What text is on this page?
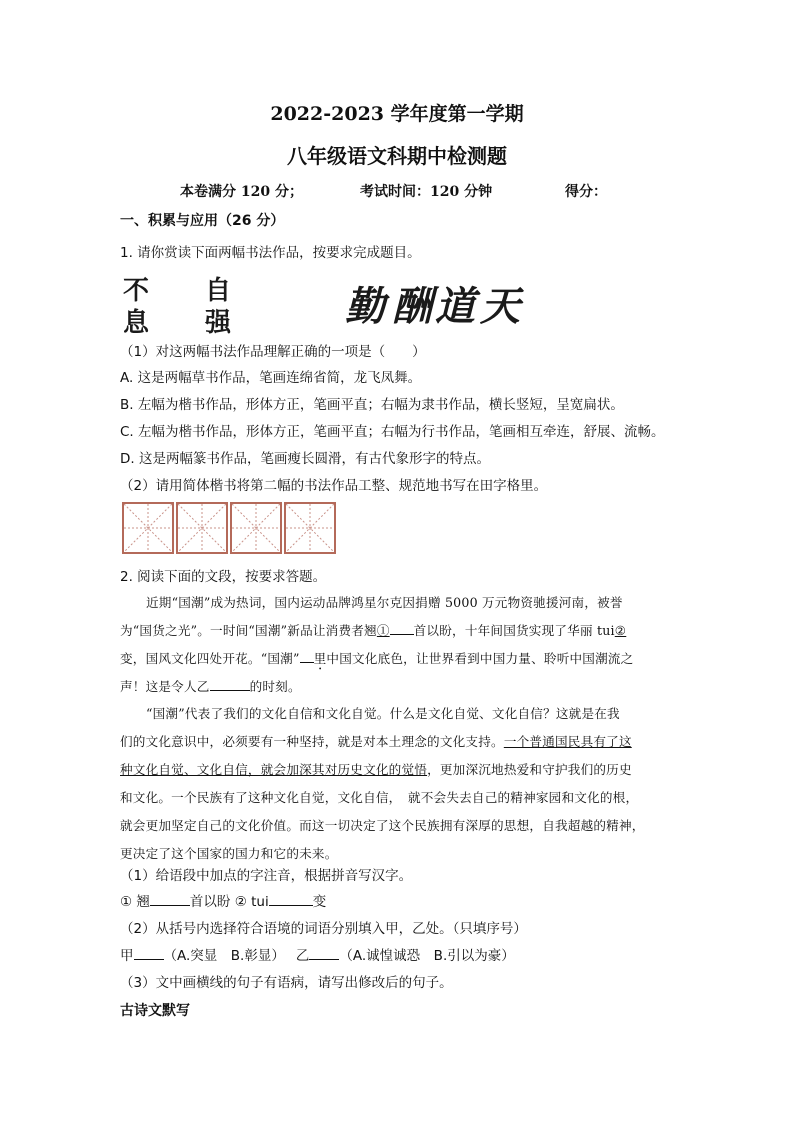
2022-2023 学年度第一学期
八年级语文科期中检测题
本卷满分 120 分；	考试时间：120 分钟	得分：
一、积累与应用（26 分）
1. 请你赏读下面两幅书法作品，按要求完成题目。
不 自
息 强	勤 酬 道 天
（1）对这两幅书法作品理解正确的一项是（　　）
A. 这是两幅草书作品，笔画连绵省简，龙飞凤舞。
B. 左幅为楷书作品，形体方正，笔画平直；右幅为隶书作品，横长竖短，呈宽扁状。
C. 左幅为楷书作品，形体方正，笔画平直；右幅为行书作品，笔画相互牵连，舒展、流畅。
D. 这是两幅篆书作品，笔画瘦长圆滑，有古代象形字的特点。
（2）请用简体楷书将第二幅的书法作品工整、规范地书写在田字格里。
2. 阅读下面的文段，按要求答题。
近期“国潮”成为热词，国内运动品牌鸿星尔克因捐赠 5000 万元物资驰援河南，被誉
为“国货之光”。一时间“国潮”新品让消费者翘① 首以盼，十年间国货实现了华丽 tui②
变，国风文化四处开花。“国潮” 里中国文化底色，让世界看到中国力量、聆听中国潮流之
声！这是令人乙	的时刻。
“国潮”代表了我们的文化自信和文化自觉。什么是文化自觉、文化自信？这就是在我
们的文化意识中，必须要有一种坚持，就是对本土理念的文化支持。一个普通国民具有了这
种文化自觉、文化自信，就会加深其对历史文化的觉悟，更加深沉地热爱和守护我们的历史
和文化。一个民族有了这种文化自觉，文化自信，　就不会失去自己的精神家园和文化的根，
就会更加坚定自己的文化价值。而这一切决定了这个民族拥有深厚的思想，自我超越的精神，
更决定了这个国家的国力和它的未来。
（1）给语段中加点的字注音，根据拼音写汉字。
① 翘	首以盼 ② tui	变
（2）从括号内选择符合语境的词语分别填入甲，乙处。（只填序号）
甲 （A.突显　B.彰显）　 乙 （A.诚惶诚恐　B.引以为豪）
（3）文中画横线的句子有语病，请写出修改后的句子。
古诗文默写
